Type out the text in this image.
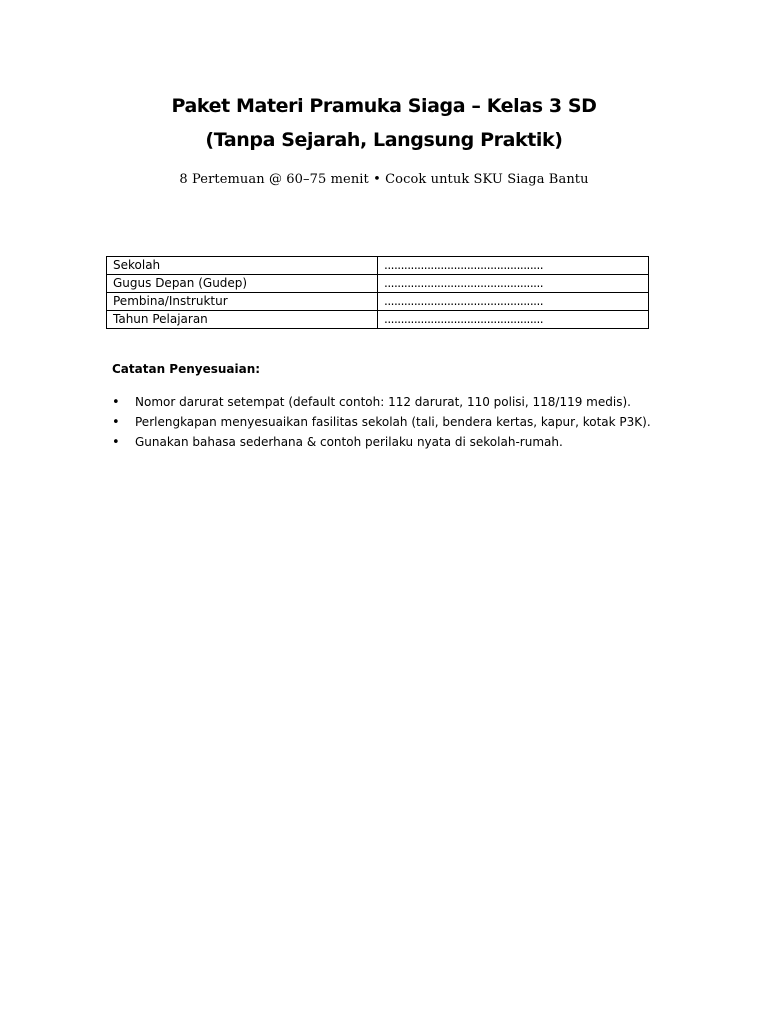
Paket Materi Pramuka Siaga – Kelas 3 SD
(Tanpa Sejarah, Langsung Praktik)

8 Pertemuan @ 60–75 menit • Cocok untuk SKU Siaga Bantu

Sekolah	................................................
Gugus Depan (Gudep)	................................................
Pembina/Instruktur	................................................
Tahun Pelajaran	................................................

Catatan Penyesuaian:

• Nomor darurat setempat (default contoh: 112 darurat, 110 polisi, 118/119 medis).
• Perlengkapan menyesuaikan fasilitas sekolah (tali, bendera kertas, kapur, kotak P3K).
• Gunakan bahasa sederhana & contoh perilaku nyata di sekolah-rumah.
